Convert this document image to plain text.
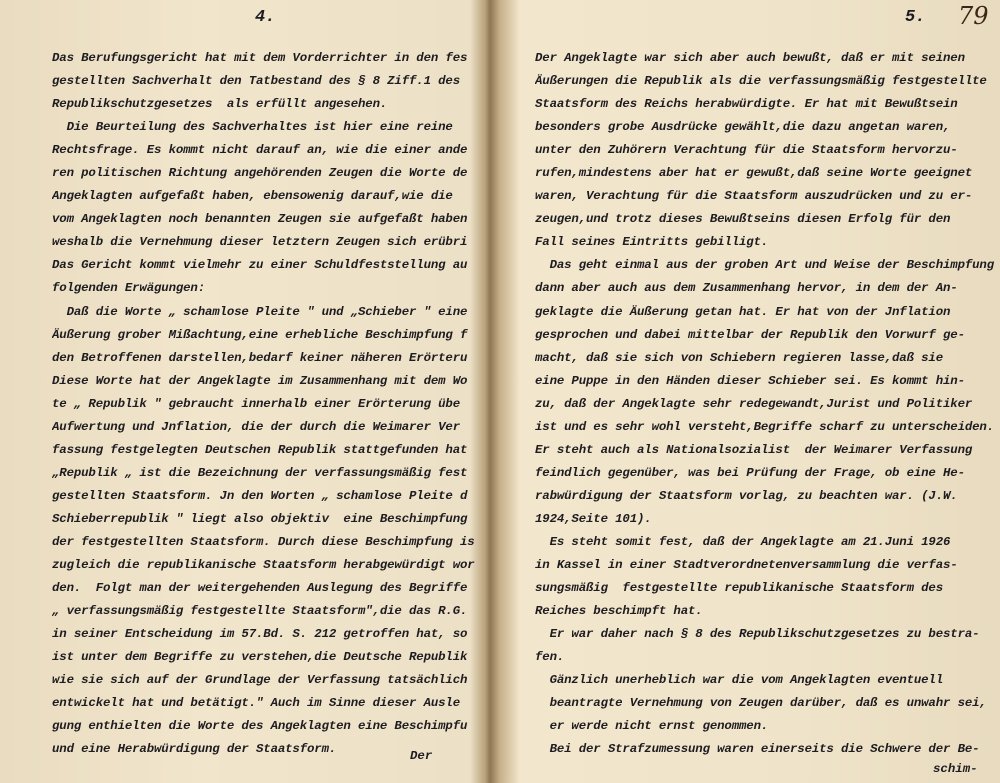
4.
Das Berufungsgericht hat mit dem Vorderrichter in den fes
gestellten Sachverhalt den Tatbestand des § 8 Ziff.1 des
Republikschutzgesetzes  als erfüllt angesehen.
Die Beurteilung des Sachverhaltes ist hier eine reine
Rechtsfrage. Es kommt nicht darauf an, wie die einer ande
ren politischen Richtung angehörenden Zeugen die Worte de
Angeklagten aufgefaßt haben, ebensowenig darauf,wie die
vom Angeklagten noch benannten Zeugen sie aufgefaßt haben
weshalb die Vernehmung dieser letztern Zeugen sich erübri
Das Gericht kommt vielmehr zu einer Schuldfeststellung au
folgenden Erwägungen:
Daß die Worte „ schamlose Pleite " und „Schieber " eine
Äußerung grober Mißachtung,eine erhebliche Beschimpfung f
den Betroffenen darstellen,bedarf keiner näheren Erörteru
Diese Worte hat der Angeklagte im Zusammenhang mit dem Wo
te „ Republik " gebraucht innerhalb einer Erörterung übe
Aufwertung und Jnflation, die der durch die Weimarer Ver
fassung festgelegten Deutschen Republik stattgefunden hat
„Republik „ ist die Bezeichnung der verfassungsmäßig fest
gestellten Staatsform. Jn den Worten „ schamlose Pleite d
Schieberrepublik " liegt also objektiv  eine Beschimpfung
der festgestellten Staatsform. Durch diese Beschimpfung is
zugleich die republikanische Staatsform herabgewürdigt wor
den.  Folgt man der weitergehenden Auslegung des Begriffe
„ verfassungsmäßig festgestellte Staatsform",die das R.G.
in seiner Entscheidung im 57.Bd. S. 212 getroffen hat, so
ist unter dem Begriffe zu verstehen,die Deutsche Republik
wie sie sich auf der Grundlage der Verfassung tatsächlich
entwickelt hat und betätigt." Auch im Sinne dieser Ausle
gung enthielten die Worte des Angeklagten eine Beschimpfu
und eine Herabwürdigung der Staatsform.	Der
5. 79
Der Angeklagte war sich aber auch bewußt, daß er mit seinen
Äußerungen die Republik als die verfassungsmäßig festgestellte
Staatsform des Reichs herabwürdigte. Er hat mit Bewußtsein
besonders grobe Ausdrücke gewählt,die dazu angetan waren,
unter den Zuhörern Verachtung für die Staatsform hervorzu-
rufen,mindestens aber hat er gewußt,daß seine Worte geeignet
waren, Verachtung für die Staatsform auszudrücken und zu er-
zeugen,und trotz dieses Bewußtseins diesen Erfolg für den
Fall seines Eintritts gebilligt.
Das geht einmal aus der groben Art und Weise der Beschimpfung
dann aber auch aus dem Zusammenhang hervor, in dem der An-
geklagte die Äußerung getan hat. Er hat von der Jnflation
gesprochen und dabei mittelbar der Republik den Vorwurf ge-
macht, daß sie sich von Schiebern regieren lasse,daß sie
eine Puppe in den Händen dieser Schieber sei. Es kommt hin-
zu, daß der Angeklagte sehr redegewandt,Jurist und Politiker
ist und es sehr wohl versteht,Begriffe scharf zu unterscheiden.
Er steht auch als Nationalsozialist  der Weimarer Verfassung
feindlich gegenüber, was bei Prüfung der Frage, ob eine He-
rabwürdigung der Staatsform vorlag, zu beachten war. (J.W.
1924,Seite 101).
Es steht somit fest, daß der Angeklagte am 21.Juni 1926
in Kassel in einer Stadtverordnetenversammlung die verfas-
sungsmäßig  festgestellte republikanische Staatsform des
Reiches beschimpft hat.
Er war daher nach § 8 des Republikschutzgesetzes zu bestra-
fen.
Gänzlich unerheblich war die vom Angeklagten eventuell
beantragte Vernehmung von Zeugen darüber, daß es unwahr sei,
er werde nicht ernst genommen.
Bei der Strafzumessung waren einerseits die Schwere der Be-
schim-
